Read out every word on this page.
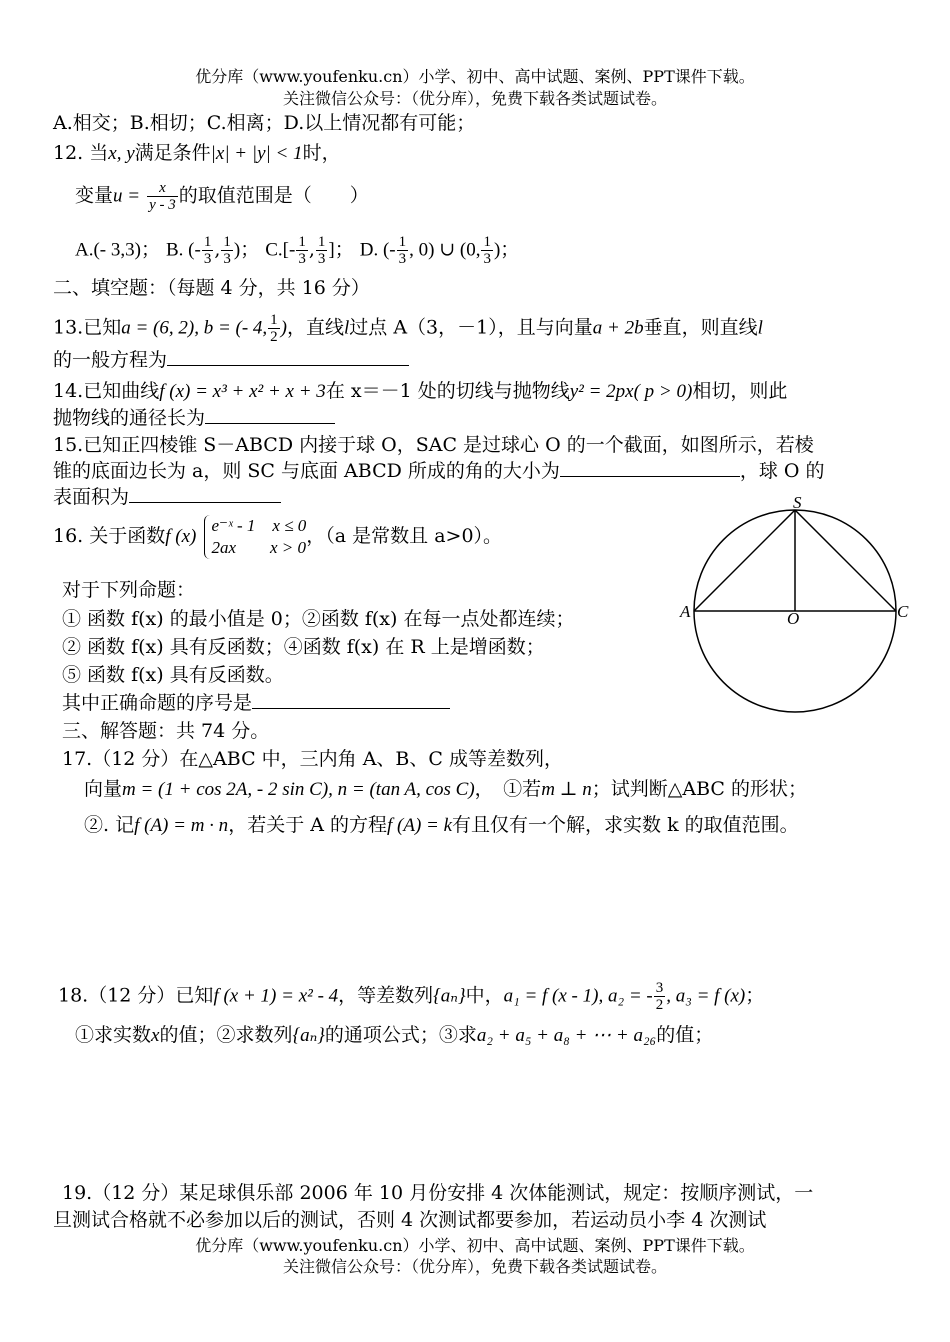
优分库（www.youfenku.cn）小学、初中、高中试题、案例、PPT课件下载。
关注微信公众号：（优分库），免费下载各类试题试卷。
A.相交；B.相切；C.相离；D.以上情况都有可能；
12. 当x, y满足条件|x| + |y| < 1时，
变量$u = \frac{x}{y - 3}$ 的取值范围是（　　）
A.(- 3,3)； B. (- $\frac{1}{3}$ , $\frac{1}{3}$ )； $C.[- \frac{1}{3}$ , $\frac{1}{3}$ ]； D. (- $\frac{1}{3}$ , 0) ∪ (0, $\frac{1}{3}$ )；
二、填空题：（每题 4 分，共 16 分）
13.已知a = (6, 2), b = (- 4, $\frac{1}{2}$ )，直线l过点 A（3，－1），且与向量a + 2b垂直，则直线l
的一般方程为
14.已知曲线f (x) = x³ + x² + x + 3在 x＝－1 处的切线与抛物线y² = 2px( p > 0)相切，则此
抛物线的通径长为
15.已知正四棱锥 S－ABCD 内接于球 O，SAC 是过球心 O 的一个截面，如图所示，若棱
锥的底面边长为 a，则 SC 与底面 ABCD 所成的角的大小为	，球 O 的
表面积为
16. 关于函数f (x)
e⁻ˣ - 1　x ≤ 0
2ax　　x > 0
，（a 是常数且 a>0）。
对于下列命题：
① 函数 f(x) 的最小值是 0；②函数 f(x) 在每一点处都连续；
② 函数 f(x) 具有反函数；④函数 f(x) 在 R 上是增函数；
⑤ 函数 f(x) 具有反函数。
其中正确命题的序号是
S
A	O	C
三、解答题：共 74 分。
17.（12 分）在△ABC 中，三内角 A、B、C 成等差数列，
向量m = (1 + cos 2A, - 2 sin C), n = (tan A, cos C)，　①若m ⊥ n；试判断△ABC 的形状；
②. 记f (A) = m · n，若关于 A 的方程f (A) = k有且仅有一个解，求实数 k 的取值范围。
18.（12 分）已知f (x + 1) = x² - 4，等差数列{aₙ}中，a₁ = f (x - 1), a₂ = - $\frac{3}{2}$ , a₃ = f (x)；
①求实数x的值；②求数列{aₙ}的通项公式；③求a₂ + a₅ + a₈ + ⋯ + a₂₆的值；
19.（12 分）某足球俱乐部 2006 年 10 月份安排 4 次体能测试，规定：按顺序测试，一
旦测试合格就不必参加以后的测试，否则 4 次测试都要参加，若运动员小李 4 次测试
优分库（www.youfenku.cn）小学、初中、高中试题、案例、PPT课件下载。
关注微信公众号：（优分库），免费下载各类试题试卷。
